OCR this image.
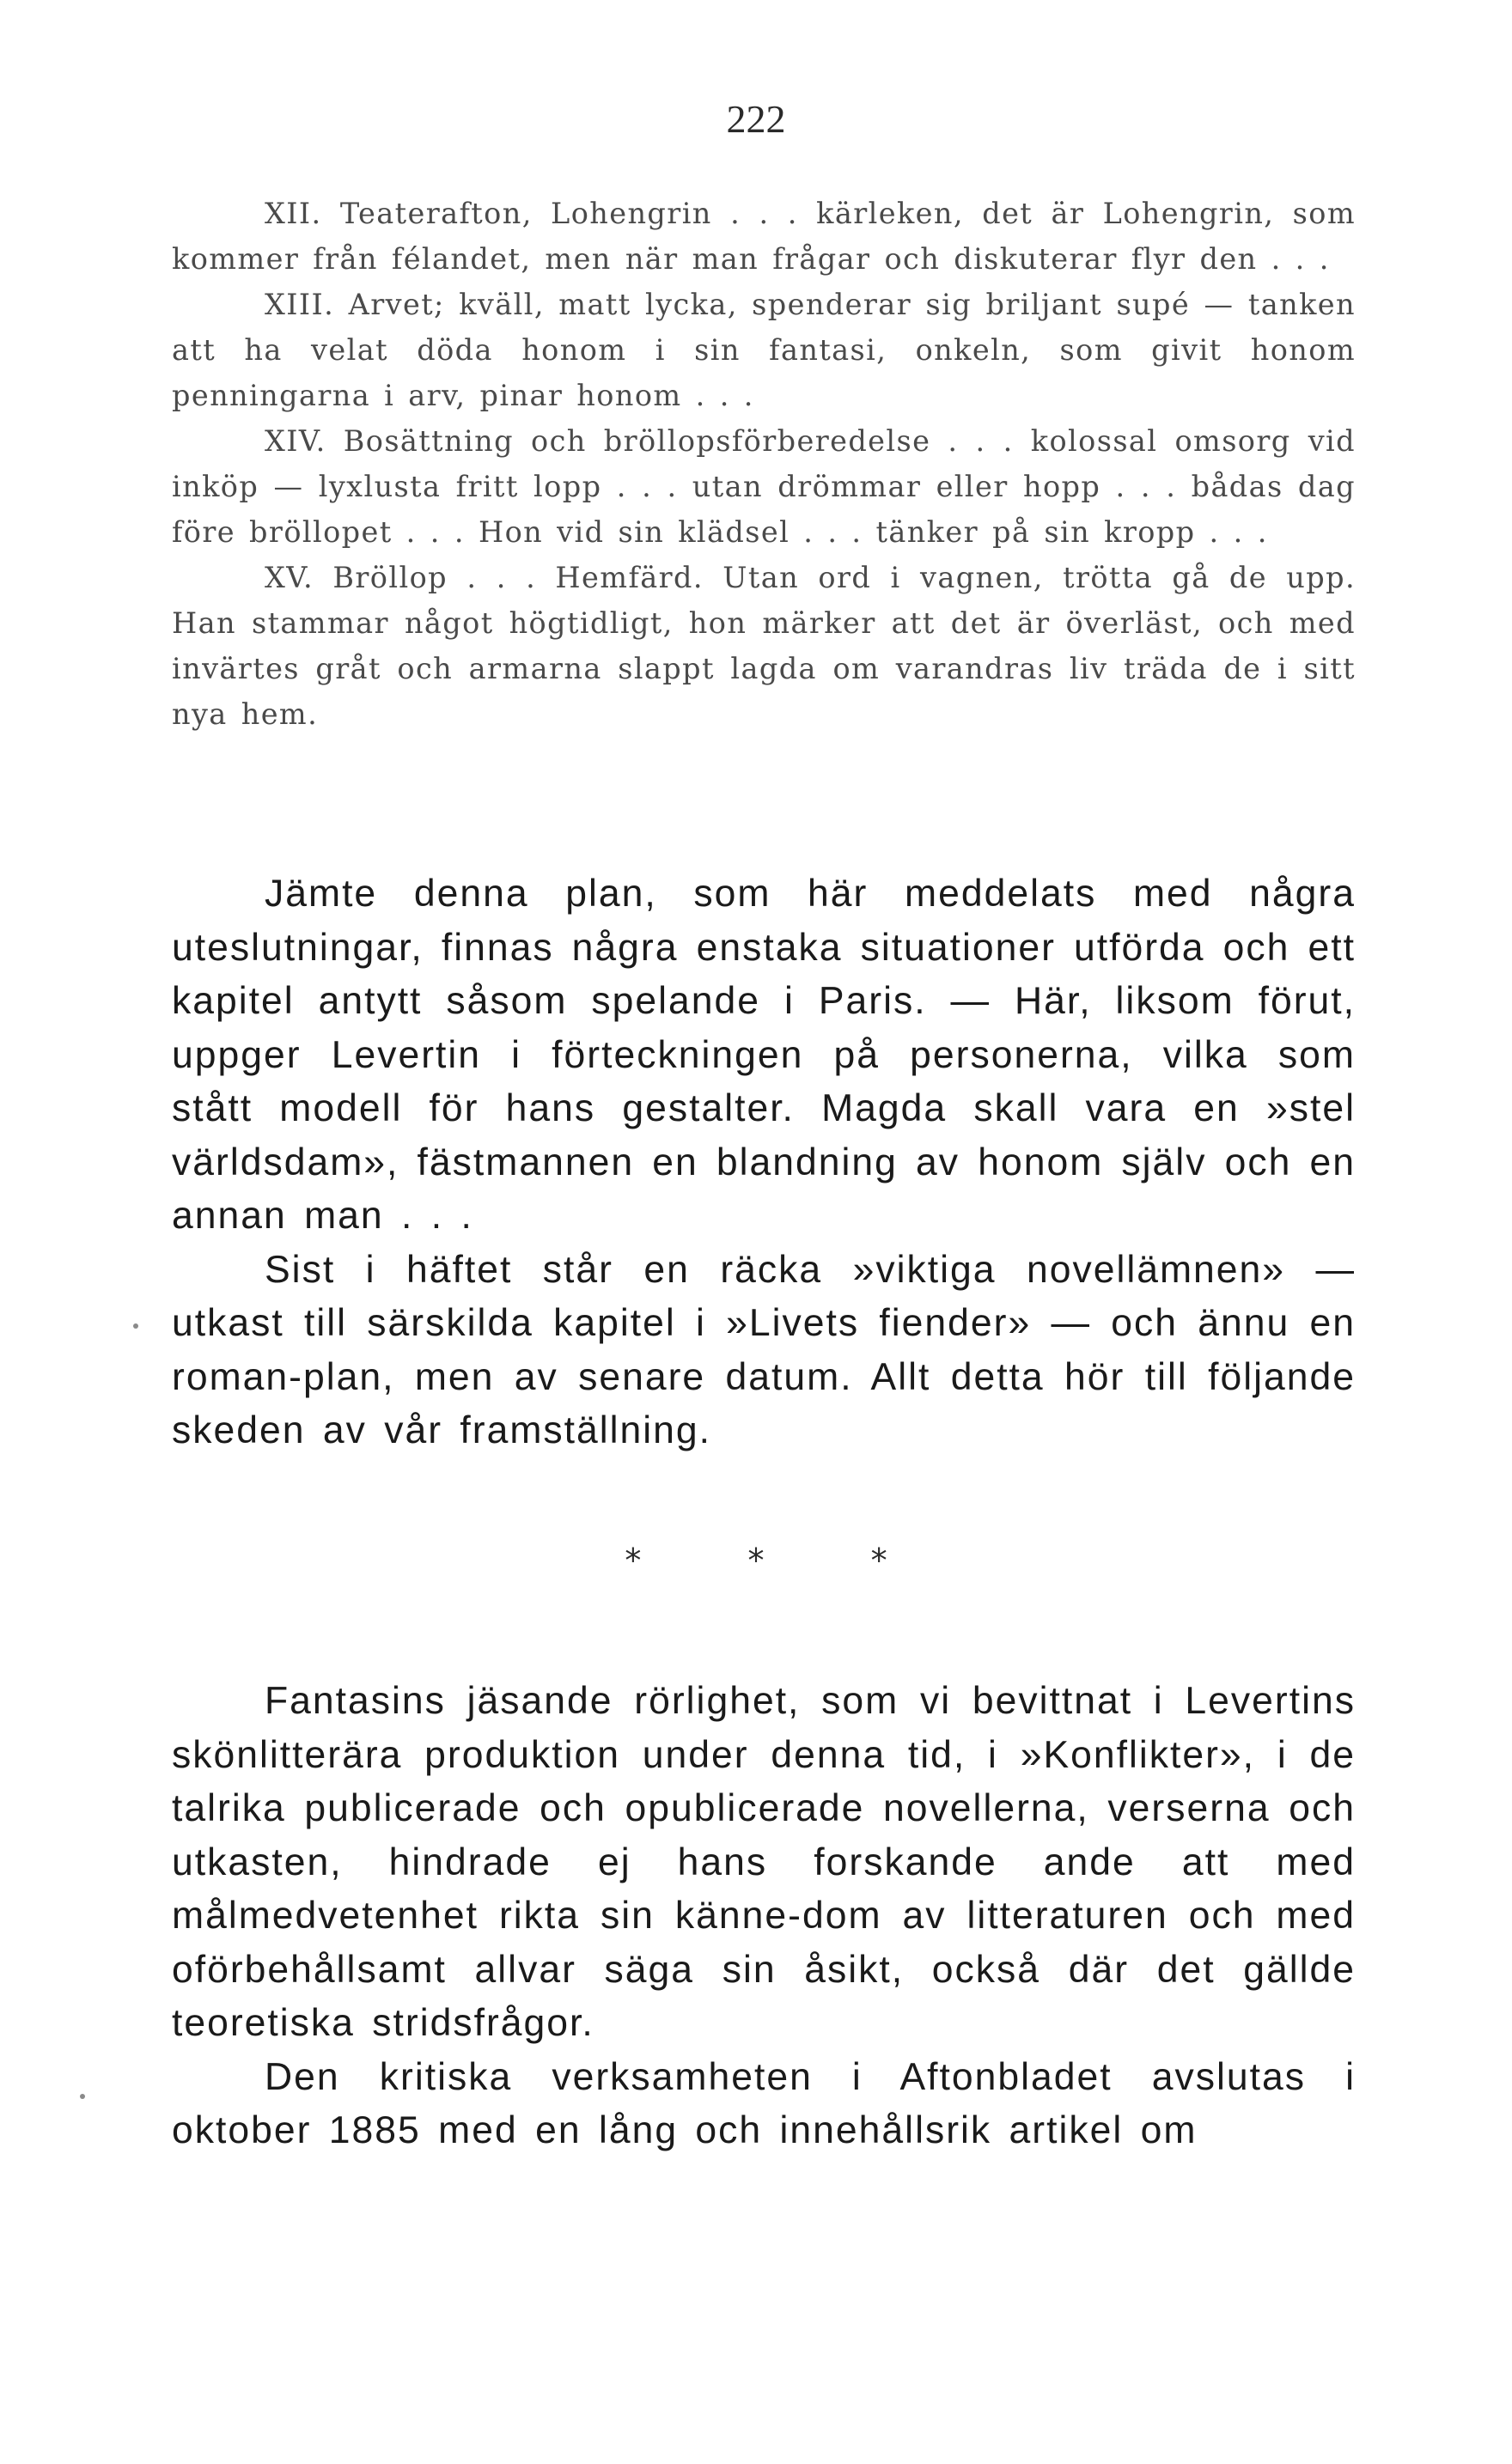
222

XII. Teaterafton, Lohengrin . . . kärleken, det är Lohengrin, som kommer från félandet, men när man frågar och diskuterar flyr den . . .

XIII. Arvet; kväll, matt lycka, spenderar sig briljant supé — tanken att ha velat döda honom i sin fantasi, onkeln, som givit honom penningarna i arv, pinar honom . . .

XIV. Bosättning och bröllopsförberedelse . . . kolossal omsorg vid inköp — lyxlusta fritt lopp . . . utan drömmar eller hopp . . . bådas dag före bröllopet . . . Hon vid sin klädsel . . . tänker på sin kropp . . .

XV. Bröllop . . . Hemfärd. Utan ord i vagnen, trötta gå de upp. Han stammar något högtidligt, hon märker att det är överläst, och med invärtes gråt och armarna slappt lagda om varandras liv träda de i sitt nya hem.

Jämte denna plan, som här meddelats med några uteslutningar, finnas några enstaka situationer utförda och ett kapitel antytt såsom spelande i Paris. — Här, liksom förut, uppger Levertin i förteckningen på personerna, vilka som stått modell för hans gestalter. Magda skall vara en »stel världsdam», fästmannen en blandning av honom själv och en annan man . . .

Sist i häftet står en räcka »viktiga novellämnen» — utkast till särskilda kapitel i »Livets fiender» — och ännu en roman-plan, men av senare datum. Allt detta hör till följande skeden av vår framställning.

* * *

Fantasins jäsande rörlighet, som vi bevittnat i Levertins skönlitterära produktion under denna tid, i »Konflikter», i de talrika publicerade och opublicerade novellerna, verserna och utkasten, hindrade ej hans forskande ande att med målmedvetenhet rikta sin känne-dom av litteraturen och med oförbehållsamt allvar säga sin åsikt, också där det gällde teoretiska stridsfrågor.

Den kritiska verksamheten i Aftonbladet avslutas i oktober 1885 med en lång och innehållsrik artikel om
